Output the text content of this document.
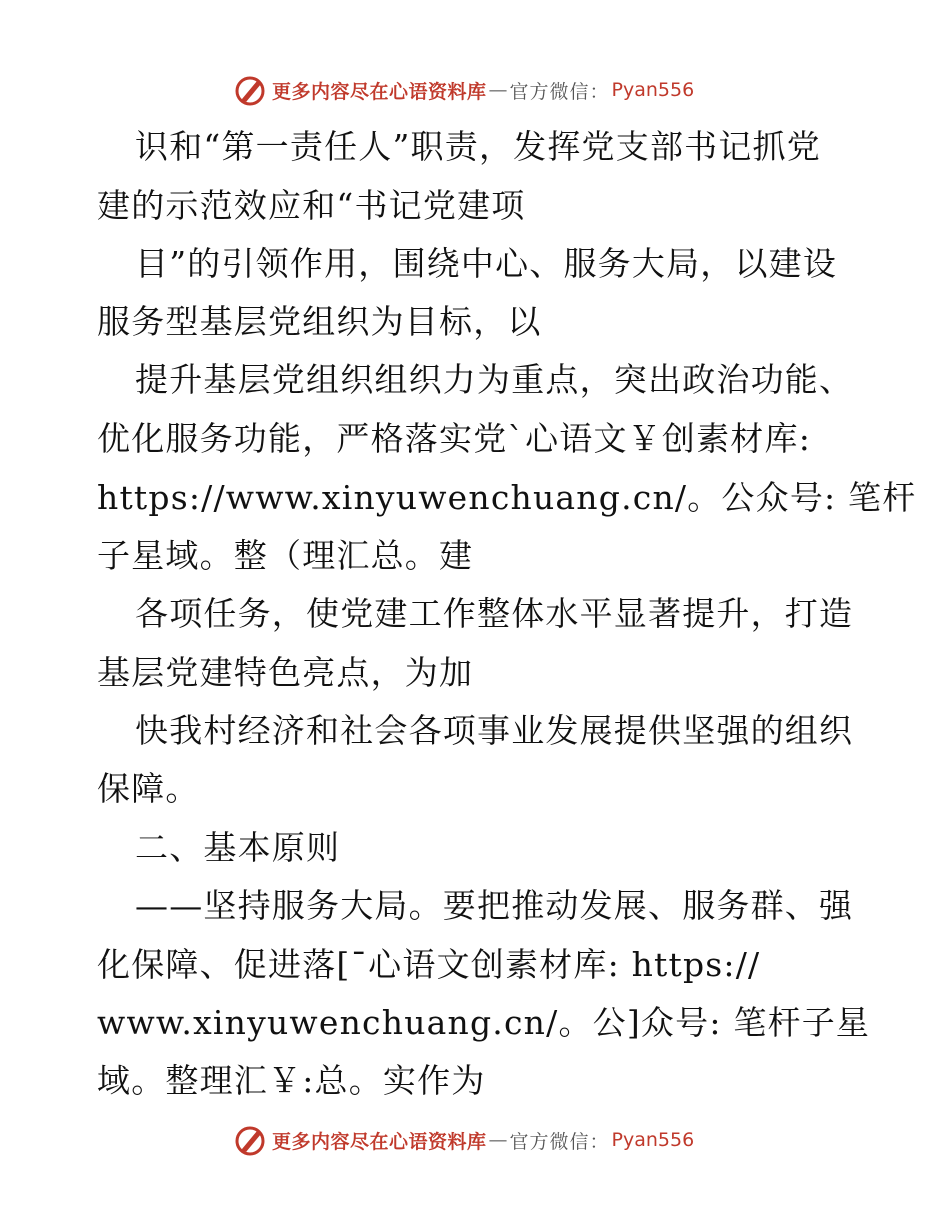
更多内容尽在心语资料库 — 官方微信： Pyan556

识和“第一责任人”职责，发挥党支部书记抓党

建的示范效应和“书记党建项

目”的引领作用，围绕中心、服务大局，以建设

服务型基层党组织为目标，以

提升基层党组织组织力为重点，突出政治功能、

优化服务功能，严格落实党`心语文￥创素材库:

https://www.xinyuwenchuang.cn/。公众号: 笔杆

子星域。整（理汇总。建

各项任务，使党建工作整体水平显著提升，打造

基层党建特色亮点，为加

快我村经济和社会各项事业发展提供坚强的组织

保障。

二、基本原则

——坚持服务大局。要把推动发展、服务群、强

化保障、促进落[¯心语文创素材库: https://

www.xinyuwenchuang.cn/。公]众号: 笔杆子星

域。整理汇￥:总。实作为

更多内容尽在心语资料库 — 官方微信： Pyan556
